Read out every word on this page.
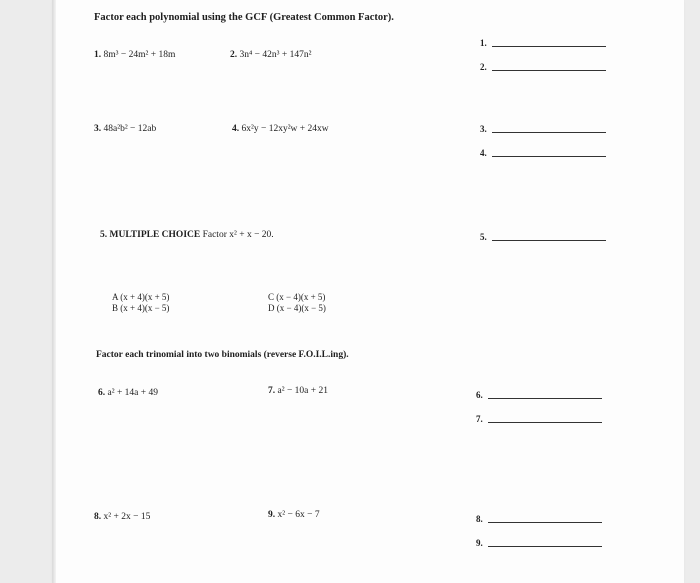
Factor each polynomial using the GCF (Greatest Common Factor).
1. 8m³ − 24m² + 18m	2. 3n⁴ − 42n³ + 147n²
3. 48a²b² − 12ab	4. 6x²y − 12xy²w + 24xw
5. MULTIPLE CHOICE Factor x² + x − 20.
A (x + 4)(x + 5)
B (x + 4)(x − 5)
C (x − 4)(x + 5)
D (x − 4)(x − 5)
Factor each trinomial into two binomials (reverse F.O.I.L.ing).
6. a² + 14a + 49	7. a² − 10a + 21
8. x² + 2x − 15	9. x² − 6x − 7
1.
2.
3.
4.
5.
6.
7.
8.
9.
